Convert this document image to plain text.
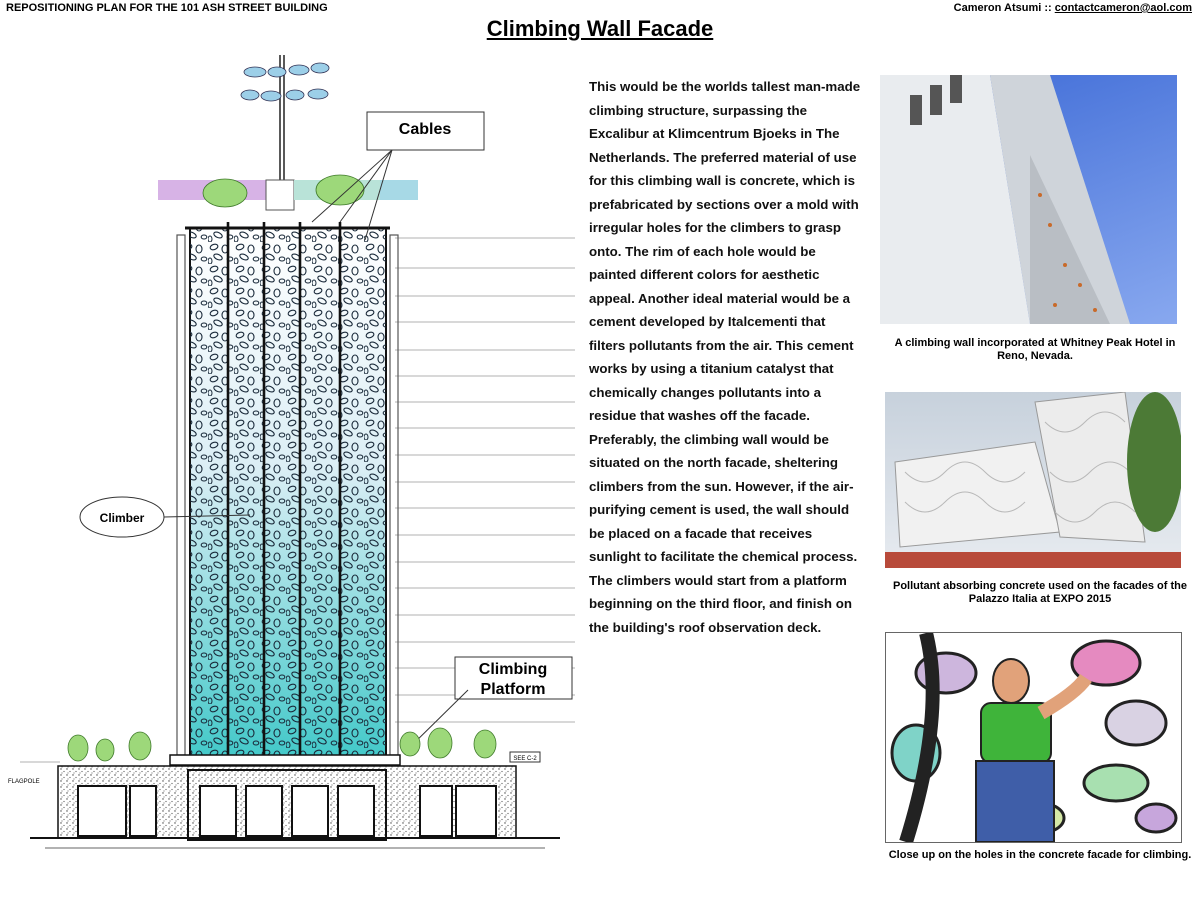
REPOSITIONING PLAN FOR THE 101 ASH STREET BUILDING	Cameron Atsumi :: contactcameron@aol.com
Climbing Wall Facade
Cables
Climber
Climbing
Platform
SEE C-2
FLAGPOLE

This would be the worlds tallest man-made climbing structure, surpassing the Excalibur at Klimcentrum Bjoeks in The Netherlands. The preferred material of use for this climbing wall is concrete, which is prefabricated by sections over a mold with irregular holes for the climbers to grasp onto. The rim of each hole would be painted different colors for aesthetic appeal. Another ideal material would be a cement developed by Italcementi that filters pollutants from the air. This cement works by using a titanium catalyst that chemically changes pollutants into a residue that washes off the facade. Preferably, the climbing wall would be situated on the north facade, sheltering climbers from the sun. However, if the air-purifying cement is used, the wall should be placed on a facade that receives sunlight to facilitate the chemical process. The climbers would start from a platform beginning on the third floor, and finish on the building's roof observation deck.

A climbing wall incorporated at Whitney Peak Hotel in Reno, Nevada.
Pollutant absorbing concrete used on the facades of the Palazzo Italia at EXPO 2015
Close up on the holes in the concrete facade for climbing.
